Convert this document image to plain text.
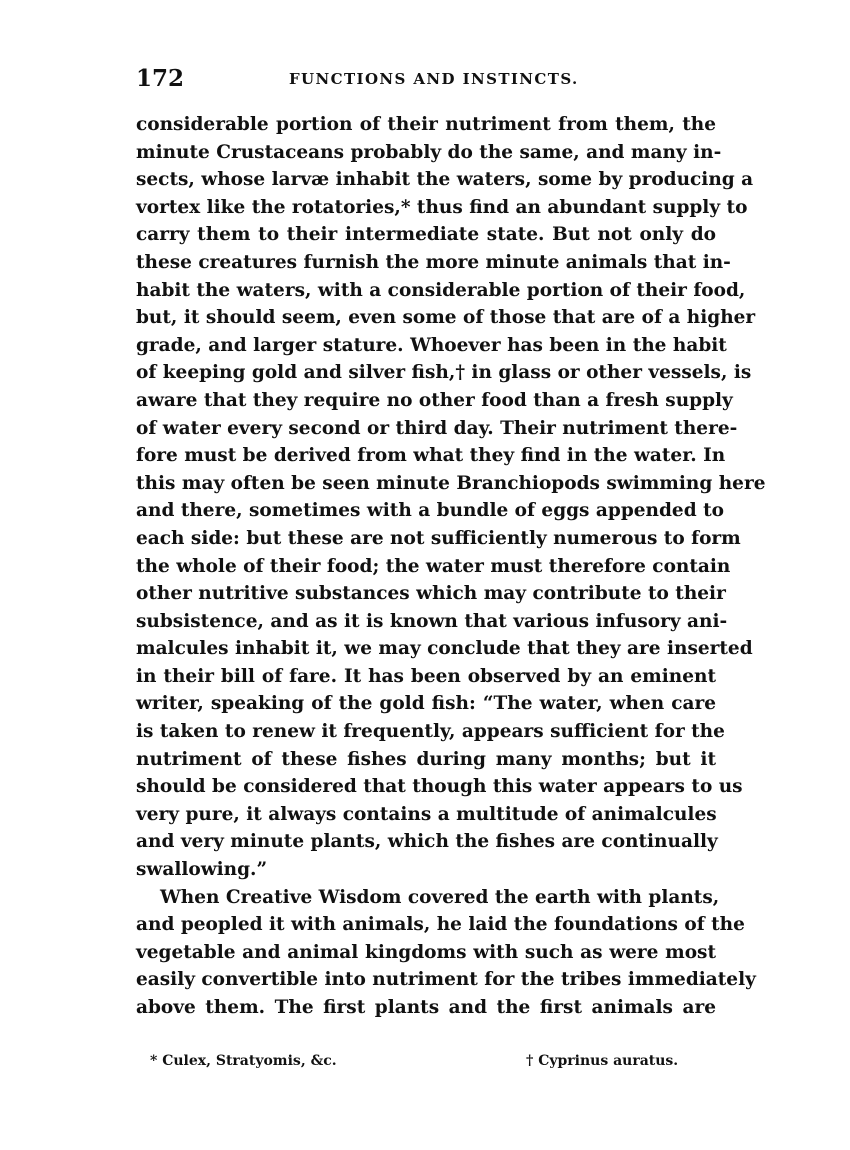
172	FUNCTIONS AND INSTINCTS.
considerable portion of their nutriment from them, the
minute Crustaceans probably do the same, and many in-
sects, whose larvæ inhabit the waters, some by producing a
vortex like the rotatories,* thus find an abundant supply to
carry them to their intermediate state. But not only do
these creatures furnish the more minute animals that in-
habit the waters, with a considerable portion of their food,
but, it should seem, even some of those that are of a higher
grade, and larger stature. Whoever has been in the habit
of keeping gold and silver fish,† in glass or other vessels, is
aware that they require no other food than a fresh supply
of water every second or third day. Their nutriment there-
fore must be derived from what they find in the water. In
this may often be seen minute Branchiopods swimming here
and there, sometimes with a bundle of eggs appended to
each side: but these are not sufficiently numerous to form
the whole of their food; the water must therefore contain
other nutritive substances which may contribute to their
subsistence, and as it is known that various infusory ani-
malcules inhabit it, we may conclude that they are inserted
in their bill of fare. It has been observed by an eminent
writer, speaking of the gold fish: “The water, when care
is taken to renew it frequently, appears sufficient for the
nutriment of these fishes during many months; but it
should be considered that though this water appears to us
very pure, it always contains a multitude of animalcules
and very minute plants, which the fishes are continually
swallowing.”
When Creative Wisdom covered the earth with plants,
and peopled it with animals, he laid the foundations of the
vegetable and animal kingdoms with such as were most
easily convertible into nutriment for the tribes immediately
above them. The first plants and the first animals are
* Culex, Stratyomis, &c.	† Cyprinus auratus.
